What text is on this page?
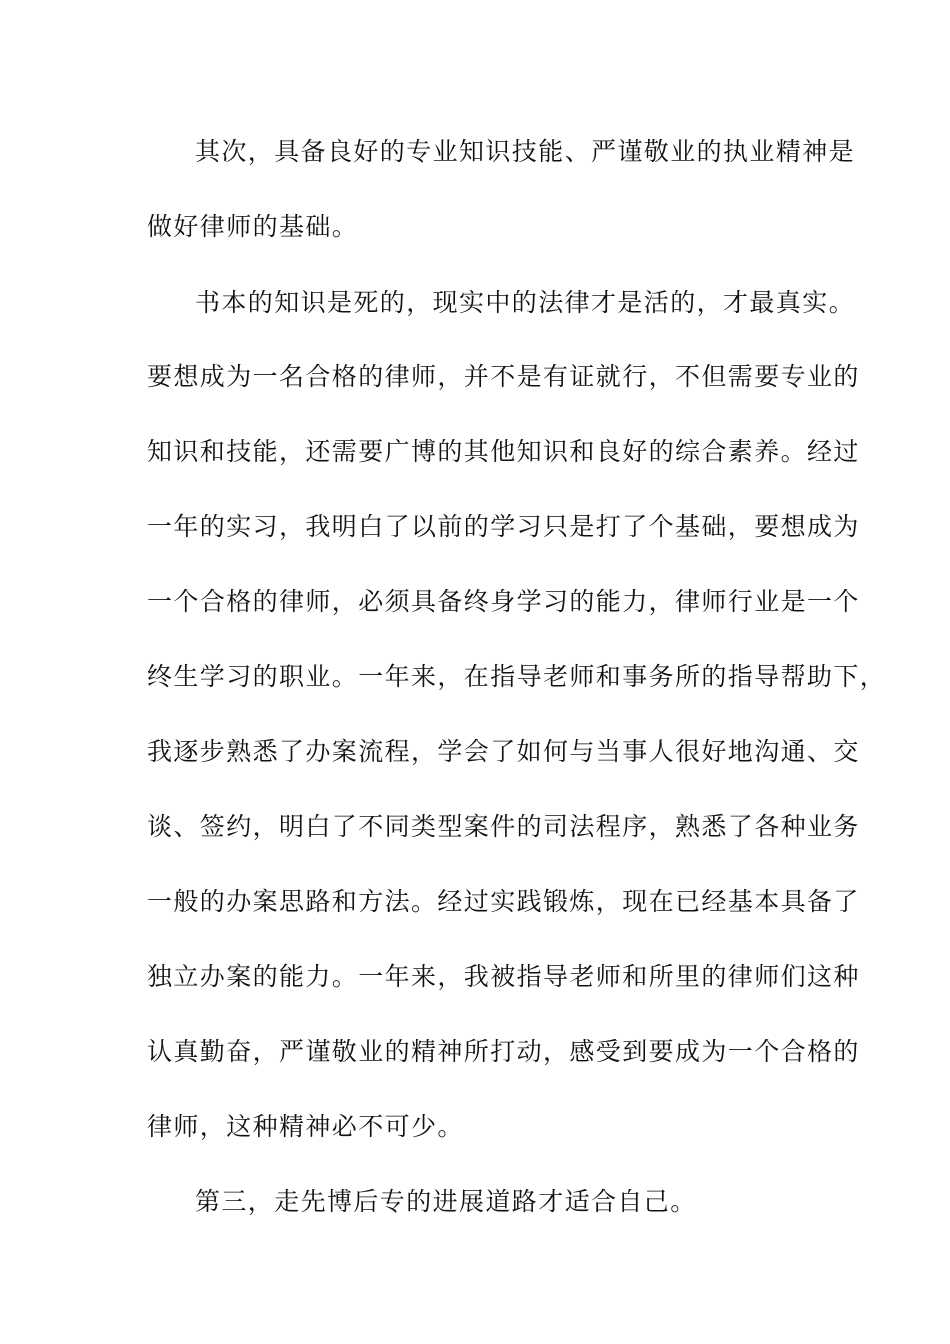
其次，具备良好的专业知识技能、严谨敬业的执业精神是
做好律师的基础。
书本的知识是死的，现实中的法律才是活的，才最真实。
要想成为一名合格的律师，并不是有证就行，不但需要专业的
知识和技能，还需要广博的其他知识和良好的综合素养。经过
一年的实习，我明白了以前的学习只是打了个基础，要想成为
一个合格的律师，必须具备终身学习的能力，律师行业是一个
终生学习的职业。一年来，在指导老师和事务所的指导帮助下，
我逐步熟悉了办案流程，学会了如何与当事人很好地沟通、交
谈、签约，明白了不同类型案件的司法程序，熟悉了各种业务
一般的办案思路和方法。经过实践锻炼，现在已经基本具备了
独立办案的能力。一年来，我被指导老师和所里的律师们这种
认真勤奋，严谨敬业的精神所打动，感受到要成为一个合格的
律师，这种精神必不可少。
第三，走先博后专的进展道路才适合自己。
